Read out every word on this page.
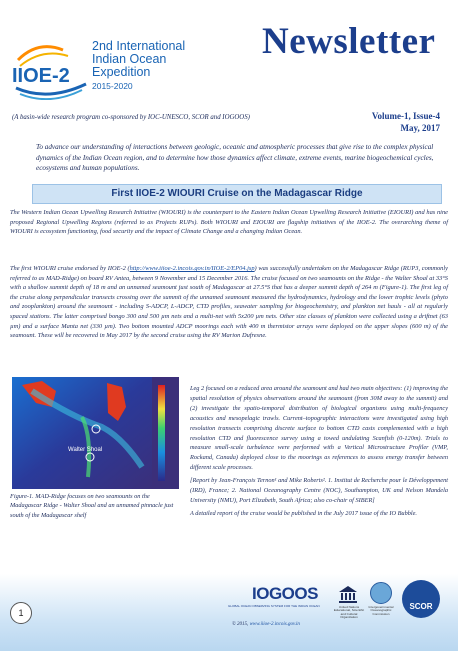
IIOE-2
2nd International
Indian Ocean
Expedition
2015-2020
Newsletter
(A basin-wide research program co-sponsored by IOC-UNESCO, SCOR and IOGOOS)	Volume-1, Issue-4
May, 2017
To advance our understanding of interactions between geologic, oceanic and atmospheric processes that give rise to the complex physical dynamics of the Indian Ocean region, and to determine how those dynamics affect climate, extreme events, marine biogeochemical cycles, ecosystems and human populations.
First IIOE-2 WIOURI Cruise on the Madagascar Ridge

The Western Indian Ocean Upwelling Research Initiative (WIOURI) is the counterpart to the Eastern Indian Ocean Upwelling Research Initiative (EIOURI) and has nine proposed Regional Upwelling Regions (referred to as Projects RUPs). Both WIOURI and EIOURI are flagship initiatives of the IIOE-2. The overarching theme of WIOURI is ecosystem functioning, food security and the impact of Climate Change and a changing Indian Ocean.

The first WIOURI cruise endorsed by IIOE-2 (http://www.iiioe-2.incois.gov.in/IIOE-2/EP04.jsp) was successfully undertaken on the Madagascar Ridge (RUP3, commonly referred to as MAD-Ridge) on board RV Antea, between 9 November and 15 December 2016. The cruise focused on two seamounts on the Ridge - the Walter Shoal at 33°S with a shallow summit depth of 18 m and an unnamed seamount just south of Madagascar at 27.5°S that has a deeper summit depth of 264 m (Figure-1). The first leg of the cruise along perpendicular transects crossing over the summit of the unnamed seamount measured the hydrodynamics, hydrology and the lower trophic levels (phyto and zooplankton) around the seamount - including S-ADCP, L-ADCP, CTD profiles, seawater sampling for biogeochemistry, and plankton net hauls - all at regularly spaced stations. The latter comprised bongo 300 and 500 µm nets and a multi-net with 5x200 µm nets. Other size classes of plankton were collected using a driftnet (63 µm) and a surface Manta net (330 µm). Two bottom mounted ADCP moorings each with 400 m thermistor arrays were deployed on the upper slopes (600 m) of the seamount. These will be recovered in May 2017 by the second cruise using the RV Marion Dufresne.

Walter Shoal
Figure-1. MAD-Ridge focuses on two seamounts on the Madagascar Ridge - Walter Shoal and an unnamed pinnacle just south of the Madagascar shelf

Leg 2 focused on a reduced area around the seamount and had two main objectives: (1) improving the spatial resolution of physics observations around the seamount (from 30M away to the summit) and (2) investigate the spatio-temporal distribution of biological organisms using multi-frequency acoustics and mesopelagic trawls. Current–topographic interactions were investigated using high resolution transects comprising discrete surface to bottom CTD casts complemented with a high resolution CTD and fluorescence survey using a towed undulating Scanfish (0-120m). Trials to measure small-scale turbulence were performed with a Vertical Microstructure Profiler (VMP, Rockand, Canada) deployed close to the moorings as references to assess energy transfer between different scale processes.

[Report by Jean-François Ternon¹ and Mike Roberts². 1. Institut de Recherche pour le Développement (IRD), France; 2. National Oceanography Centre (NOC), Southampton, UK and Nelson Mandela University (NMU), Port Elizabeth, South Africa; also co-chair of SIBER]

A detailed report of the cruise would be published in the July 2017 issue of the IO Bubble.

1
IOGOOS
GLOBAL OCEAN OBSERVING SYSTEM FOR THE INDIAN OCEAN	United Nations Educational, Scientific and Cultural Organization
Intergovernmental Oceanographic Commission
SCOR
© 2015, www.iiioe-2.incois.gov.in
